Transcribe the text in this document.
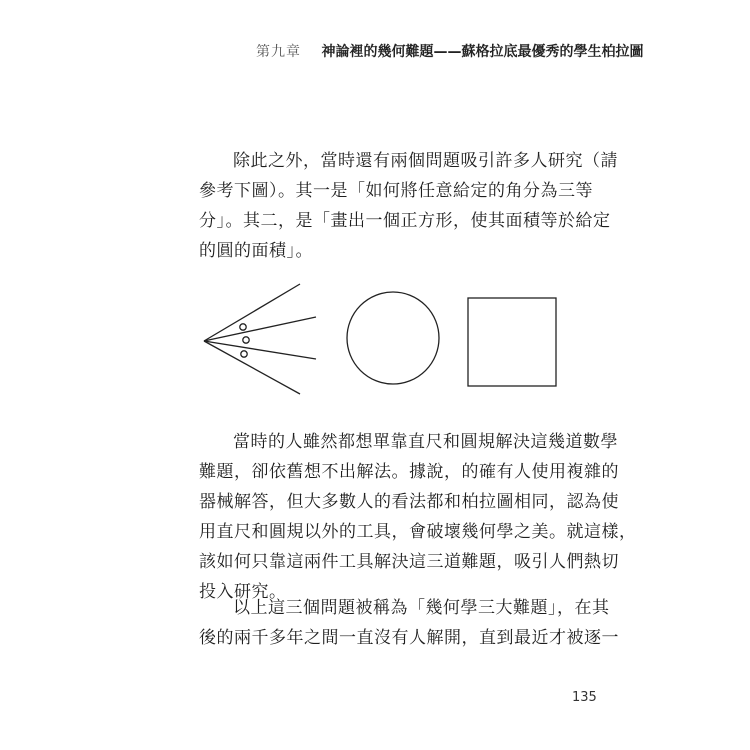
第九章 神論裡的幾何難題——蘇格拉底最優秀的學生柏拉圖
除此之外，當時還有兩個問題吸引許多人研究（請
參考下圖）。其一是「如何將任意給定的角分為三等
分」。其二，是「畫出一個正方形，使其面積等於給定
的圓的面積」。
當時的人雖然都想單靠直尺和圓規解決這幾道數學
難題，卻依舊想不出解法。據說，的確有人使用複雜的
器械解答，但大多數人的看法都和柏拉圖相同，認為使
用直尺和圓規以外的工具，會破壞幾何學之美。就這樣，
該如何只靠這兩件工具解決這三道難題，吸引人們熱切
投入研究。
以上這三個問題被稱為「幾何學三大難題」，在其
後的兩千多年之間一直沒有人解開，直到最近才被逐一
135
